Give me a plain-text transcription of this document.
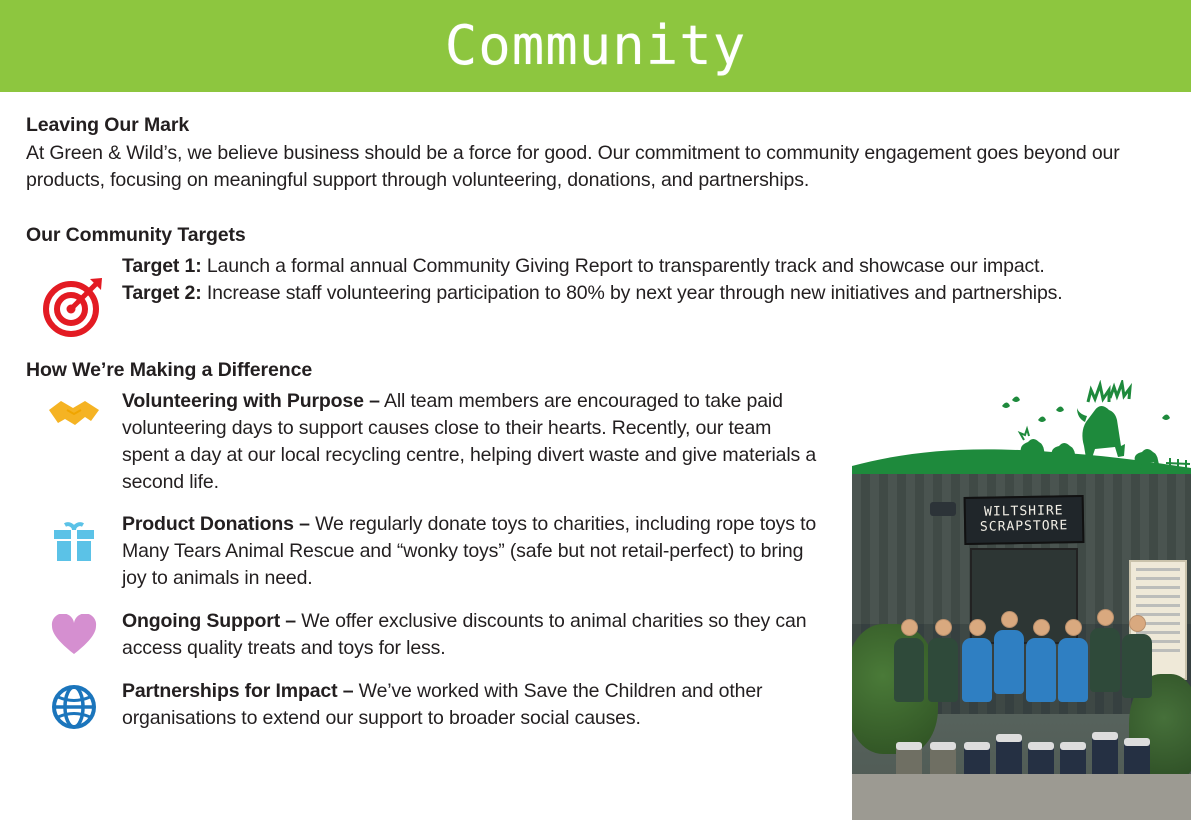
Community
Leaving Our Mark

At Green & Wild’s, we believe business should be a force for good. Our commitment to community engagement goes beyond our products, focusing on meaningful support through volunteering, donations, and partnerships.

Our Community Targets
Target 1: Launch a formal annual Community Giving Report to transparently track and showcase our impact.
Target 2: Increase staff volunteering participation to 80% by next year through new initiatives and partnerships.
How We’re Making a Difference
Volunteering with Purpose – All team members are encouraged to take paid volunteering days to support causes close to their hearts. Recently, our team spent a day at our local recycling centre, helping divert waste and give materials a second life.
Product Donations – We regularly donate toys to charities, including rope toys to Many Tears Animal Rescue and “wonky toys” (safe but not retail-perfect) to bring joy to animals in need.
Ongoing Support – We offer exclusive discounts to animal charities so they can access quality treats and toys for less.
Partnerships for Impact – We’ve worked with Save the Children and other organisations to extend our support to broader social causes.
WILTSHIRE
SCRAPSTORE
